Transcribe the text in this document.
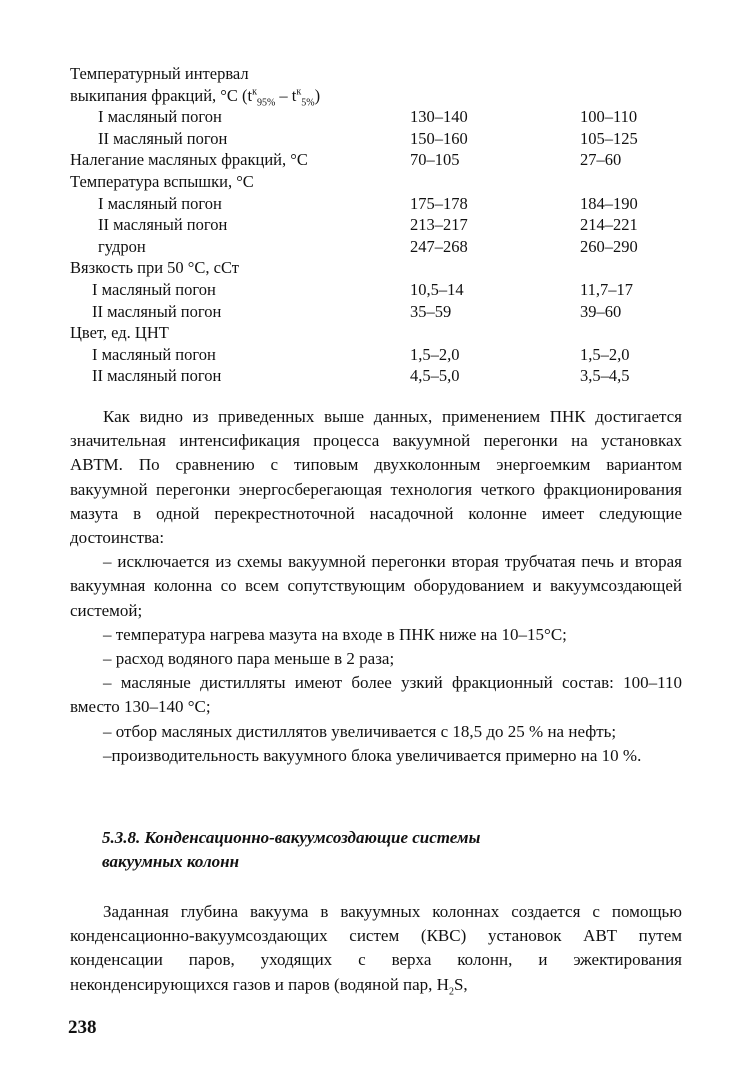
Температурный интервал		
выкипания фракций, °С $(t^к_{95\%} - t^к_{5\%})$		
I масляный погон	130–140	100–110
II масляный погон	150–160	105–125
Налегание масляных фракций, °С	70–105	27–60
Температура вспышки, °С		
I масляный погон	175–178	184–190
II масляный погон	213–217	214–221
гудрон	247–268	260–290
Вязкость при 50 °С, сСт		
I масляный погон	10,5–14	11,7–17
II масляный погон	35–59	39–60
Цвет, ед. ЦНТ		
I масляный погон	1,5–2,0	1,5–2,0
II масляный погон	4,5–5,0	3,5–4,5

Как видно из приведенных выше данных, применением ПНК достигается значительная интенсификация процесса вакуумной перегонки на установках АВТМ. По сравнению с типовым двухколонным энергоемким вариантом вакуумной перегонки энергосберегающая технология четкого фракционирования мазута в одной перекрестноточной насадочной колонне имеет следующие достоинства:

– исключается из схемы вакуумной перегонки вторая трубчатая печь и вторая вакуумная колонна со всем сопутствующим оборудованием и вакуумсоздающей системой;

– температура нагрева мазута на входе в ПНК ниже на 10–15°С;

– расход водяного пара меньше в 2 раза;

– масляные дистилляты имеют более узкий фракционный состав: 100–110 вместо 130–140 °С;

– отбор масляных дистиллятов увеличивается с 18,5 до 25 % на нефть;

–производительность вакуумного блока увеличивается примерно на 10 %.

5.3.8. Конденсационно-вакуумсоздающие системы
вакуумных колонн

Заданная глубина вакуума в вакуумных колоннах создается с помощью конденсационно-вакуумсоздающих систем (КВС) установок АВТ путем конденсации паров, уходящих с верха колонн, и эжектирования неконденсирующихся газов и паров (водяной пар, $H_2S$,

238
